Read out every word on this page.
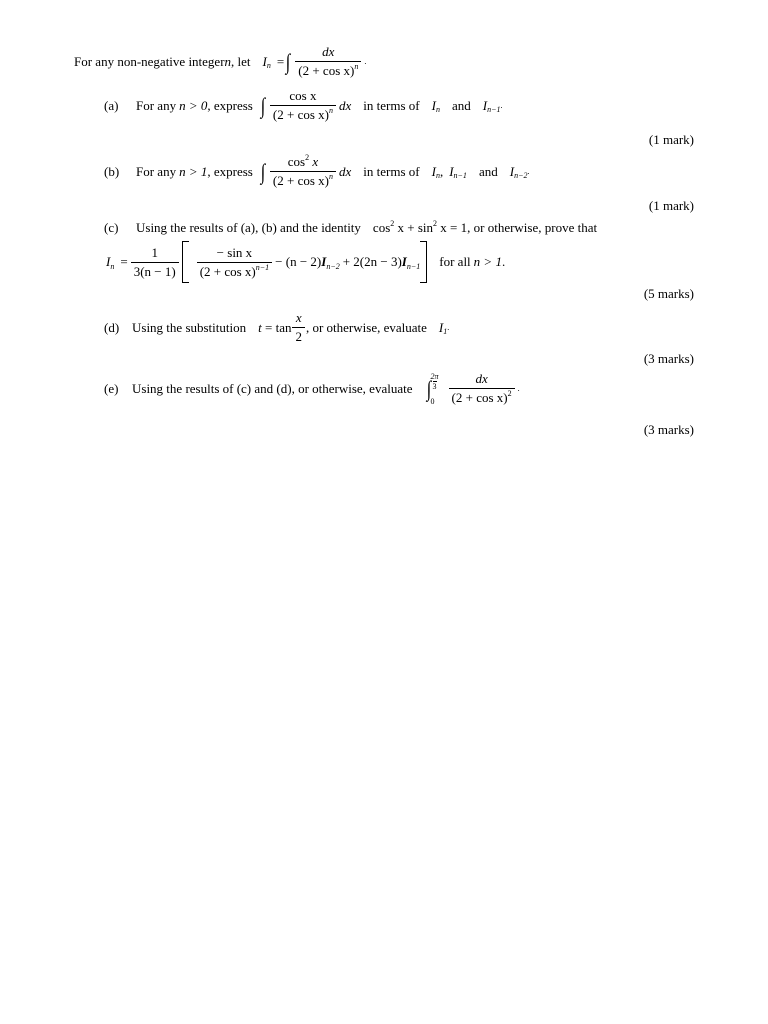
For any non-negative integer n , let I n = ∫ $\frac{dx}{(2 + \cos x)^n}$ .
(a)	For any n > 0 , express ∫ $\frac{\text{cos x}}{(2 + \cos x)^n}$ dx in terms of I n and I n−1 .
(1 mark)
(b)	For any n > 1 , express ∫ $\frac{\cos^2 x}{(2 + \cos x)^n}$ dx in terms of I n , I n−1 and I n−2 .
(1 mark)
(c)	Using the results of (a), (b) and the identity $\cos^2 x + \sin^2 x = 1$ , or otherwise, prove that
I $n = \frac{1}{3(n - 1)} \frac{\text{− sin x}}{(2 + \cos x)^{n-1}} - (n - 2)$ I n−2 + 2(2n − 3) I n−1 for all n > 1 .
(5 marks)
(d) Using the substitution $t = \tan \frac{x}{2}$ , or otherwise, evaluate I 1 .
(3 marks)
(e)	Using the results of (c) and (d), or otherwise, evaluate ∫ 2π
3
0	$\frac{dx}{(2 + \cos x)^2}$ .
(3 marks)
